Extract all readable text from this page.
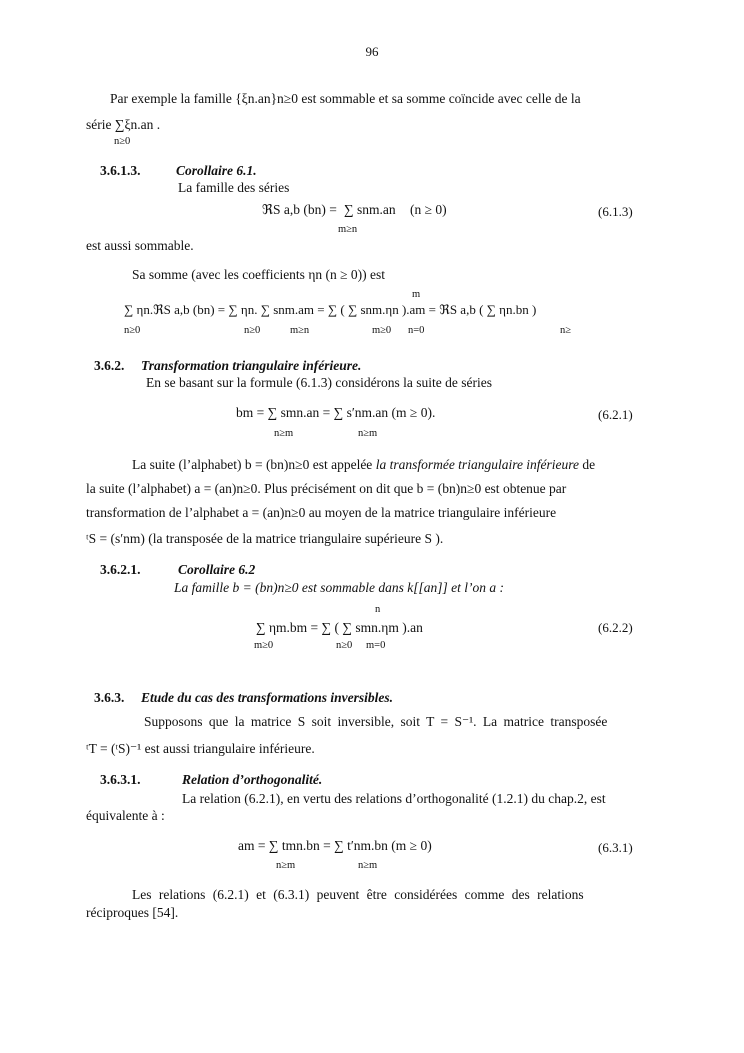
96
Par exemple la famille {ξn.an}n≥0 est sommable et sa somme coïncide avec celle de la
série ∑ξn.an .
n≥0
3.6.1.3.	Corollaire 6.1.
La famille des séries
ℜS a,b (bn) = ∑ snm.an
m≥n
(n ≥ 0)	(6.1.3)
est aussi sommable.
Sa somme (avec les coefficients ηn (n ≥ 0)) est
m
∑ ηn.ℜS a,b (bn) = ∑ ηn. ∑ snm.am = ∑ ( ∑ snm.ηn ).am = ℜS a,b ( ∑ ηn.bn )
n≥0	n≥0	m≥n	m≥0 n=0	n≥
3.6.2. Transformation triangulaire inférieure.
En se basant sur la formule (6.1.3) considérons la suite de séries
bm = ∑ smn.an = ∑ s′nm.an (m ≥ 0).
n≥m	n≥m
(6.2.1)
La suite (l’alphabet) b = (bn)n≥0 est appelée la transformée triangulaire inférieure de
la suite (l’alphabet) a = (an)n≥0. Plus précisément on dit que b = (bn)n≥0 est obtenue par
transformation de l’alphabet a = (an)n≥0 au moyen de la matrice triangulaire inférieure
ᵗS = (s′nm) (la transposée de la matrice triangulaire supérieure S ).
3.6.2.1.	Corollaire 6.2
La famille b = (bn)n≥0 est sommable dans k[[an]] et l’on a :
n
∑ ηm.bm = ∑ ( ∑ smn.ηm ).an
m≥0	n≥0 m=0
(6.2.2)
3.6.3. Etude du cas des transformations inversibles.
Supposons que la matrice S soit inversible, soit T = S⁻¹. La matrice transposée
ᵗT = (ᵗS)⁻¹ est aussi triangulaire inférieure.
3.6.3.1.	Relation d’orthogonalité.
La relation (6.2.1), en vertu des relations d’orthogonalité (1.2.1) du chap.2, est
équivalente à :
am = ∑ tmn.bn = ∑ t′nm.bn (m ≥ 0)
n≥m	n≥m
(6.3.1)
Les relations (6.2.1) et (6.3.1) peuvent être considérées comme des relations
réciproques [54].
